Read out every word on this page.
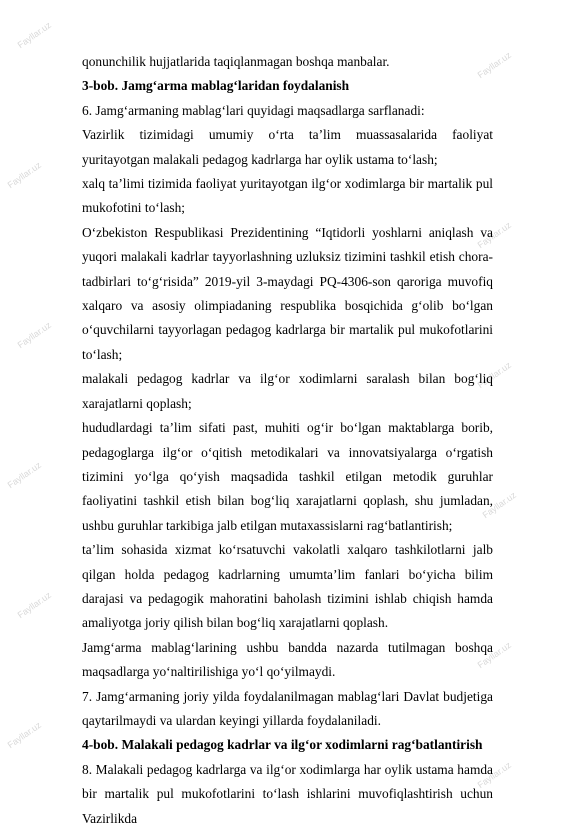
Fayllar.uz
Fayllar.uz
Fayllar.uz
Fayllar.uz
Fayllar.uz
Fayllar.uz
Fayllar.uz
Fayllar.uz
Fayllar.uz
Fayllar.uz
Fayllar.uz
Fayllar.uz

qonunchilik hujjatlarida taqiqlanmagan boshqa manbalar.

3-bob. Jamg‘arma mablag‘laridan foydalanish

6. Jamg‘armaning mablag‘lari quyidagi maqsadlarga sarflanadi:

Vazirlik tizimidagi umumiy o‘rta ta’lim muassasalarida faoliyat yuritayotgan malakali pedagog kadrlarga har oylik ustama to‘lash;

xalq ta’limi tizimida faoliyat yuritayotgan ilg‘or xodimlarga bir martalik pul mukofotini to‘lash;

O‘zbekiston Respublikasi Prezidentining “Iqtidorli yoshlarni aniqlash va yuqori malakali kadrlar tayyorlashning uzluksiz tizimini tashkil etish chora-tadbirlari to‘g‘risida” 2019-yil 3-maydagi PQ-4306-son qaroriga muvofiq xalqaro va asosiy olimpiadaning respublika bosqichida g‘olib bo‘lgan o‘quvchilarni tayyorlagan pedagog kadrlarga bir martalik pul mukofotlarini to‘lash;

malakali pedagog kadrlar va ilg‘or xodimlarni saralash bilan bog‘liq xarajatlarni qoplash;

hududlardagi ta’lim sifati past, muhiti og‘ir bo‘lgan maktablarga borib, pedagoglarga ilg‘or o‘qitish metodikalari va innovatsiyalarga o‘rgatish tizimini yo‘lga qo‘yish maqsadida tashkil etilgan metodik guruhlar faoliyatini tashkil etish bilan bog‘liq xarajatlarni qoplash, shu jumladan, ushbu guruhlar tarkibiga jalb etilgan mutaxassislarni rag‘batlantirish;

ta’lim sohasida xizmat ko‘rsatuvchi vakolatli xalqaro tashkilotlarni jalb qilgan holda pedagog kadrlarning umumta’lim fanlari bo‘yicha bilim darajasi va pedagogik mahoratini baholash tizimini ishlab chiqish hamda amaliyotga joriy qilish bilan bog‘liq xarajatlarni qoplash.

Jamg‘arma mablag‘larining ushbu bandda nazarda tutilmagan boshqa maqsadlarga yo‘naltirilishiga yo‘l qo‘yilmaydi.

7. Jamg‘armaning joriy yilda foydalanilmagan mablag‘lari Davlat budjetiga qaytarilmaydi va ulardan keyingi yillarda foydalaniladi.

4-bob. Malakali pedagog kadrlar va ilg‘or xodimlarni rag‘batlantirish

8. Malakali pedagog kadrlarga va ilg‘or xodimlarga har oylik ustama hamda bir martalik pul mukofotlarini to‘lash ishlarini muvofiqlashtirish uchun Vazirlikda
